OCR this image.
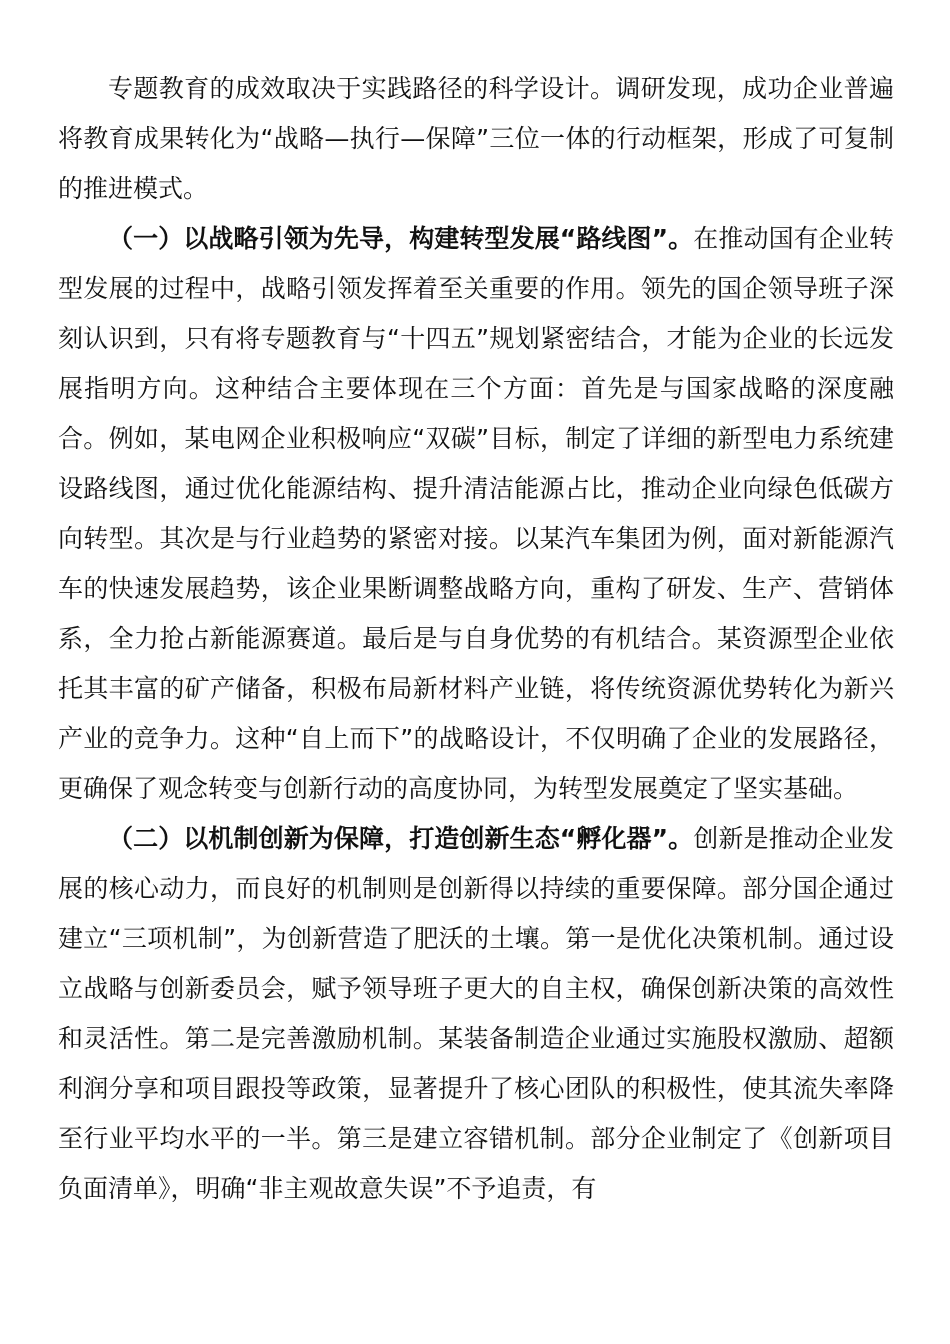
专题教育的成效取决于实践路径的科学设计。调研发现，成功企业普遍将教育成果转化为“战略—执行—保障”三位一体的行动框架，形成了可复制的推进模式。

（一）以战略引领为先导，构建转型发展“路线图”。在推动国有企业转型发展的过程中，战略引领发挥着至关重要的作用。领先的国企领导班子深刻认识到，只有将专题教育与“十四五”规划紧密结合，才能为企业的长远发展指明方向。这种结合主要体现在三个方面：首先是与国家战略的深度融合。例如，某电网企业积极响应“双碳”目标，制定了详细的新型电力系统建设路线图，通过优化能源结构、提升清洁能源占比，推动企业向绿色低碳方向转型。其次是与行业趋势的紧密对接。以某汽车集团为例，面对新能源汽车的快速发展趋势，该企业果断调整战略方向，重构了研发、生产、营销体系，全力抢占新能源赛道。最后是与自身优势的有机结合。某资源型企业依托其丰富的矿产储备，积极布局新材料产业链，将传统资源优势转化为新兴产业的竞争力。这种“自上而下”的战略设计，不仅明确了企业的发展路径，更确保了观念转变与创新行动的高度协同，为转型发展奠定了坚实基础。

（二）以机制创新为保障，打造创新生态“孵化器”。创新是推动企业发展的核心动力，而良好的机制则是创新得以持续的重要保障。部分国企通过建立“三项机制”，为创新营造了肥沃的土壤。第一是优化决策机制。通过设立战略与创新委员会，赋予领导班子更大的自主权，确保创新决策的高效性和灵活性。第二是完善激励机制。某装备制造企业通过实施股权激励、超额利润分享和项目跟投等政策，显著提升了核心团队的积极性，使其流失率降至行业平均水平的一半。第三是建立容错机制。部分企业制定了《创新项目负面清单》，明确“非主观故意失误”不予追责，有
